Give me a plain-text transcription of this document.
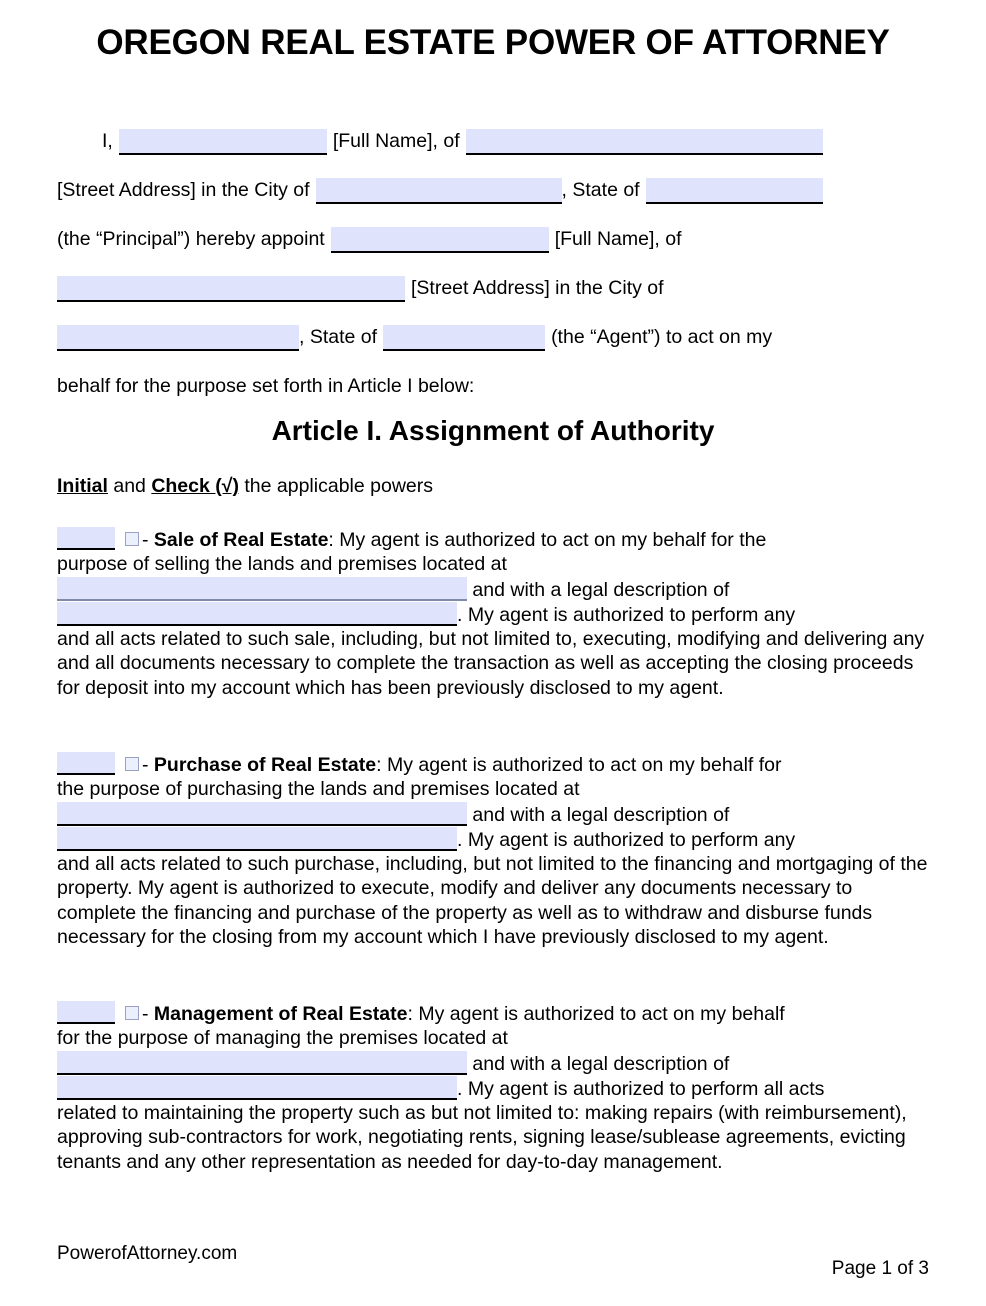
OREGON REAL ESTATE POWER OF ATTORNEY
I,	[Full Name], of
[Street Address] in the City of	, State of
(the “Principal”) hereby appoint	[Full Name], of
[Street Address] in the City of
, State of	(the “Agent”) to act on my
behalf for the purpose set forth in Article I below:
Article I. Assignment of Authority
Initial and Check (√) the applicable powers
- Sale of Real Estate: My agent is authorized to act on my behalf for the
purpose of selling the lands and premises located at
and with a legal description of
. My agent is authorized to perform any
and all acts related to such sale, including, but not limited to, executing, modifying and delivering any and all documents necessary to complete the transaction as well as accepting the closing proceeds for deposit into my account which has been previously disclosed to my agent.
- Purchase of Real Estate: My agent is authorized to act on my behalf for
the purpose of purchasing the lands and premises located at
and with a legal description of
. My agent is authorized to perform any
and all acts related to such purchase, including, but not limited to the financing and mortgaging of the property. My agent is authorized to execute, modify and deliver any documents necessary to complete the financing and purchase of the property as well as to withdraw and disburse funds necessary for the closing from my account which I have previously disclosed to my agent.
- Management of Real Estate: My agent is authorized to act on my behalf
for the purpose of managing the premises located at
and with a legal description of
. My agent is authorized to perform all acts
related to maintaining the property such as but not limited to: making repairs (with reimbursement), approving sub-contractors for work, negotiating rents, signing lease/sublease agreements, evicting tenants and any other representation as needed for day-to-day management.
PowerofAttorney.com
Page 1 of 3
